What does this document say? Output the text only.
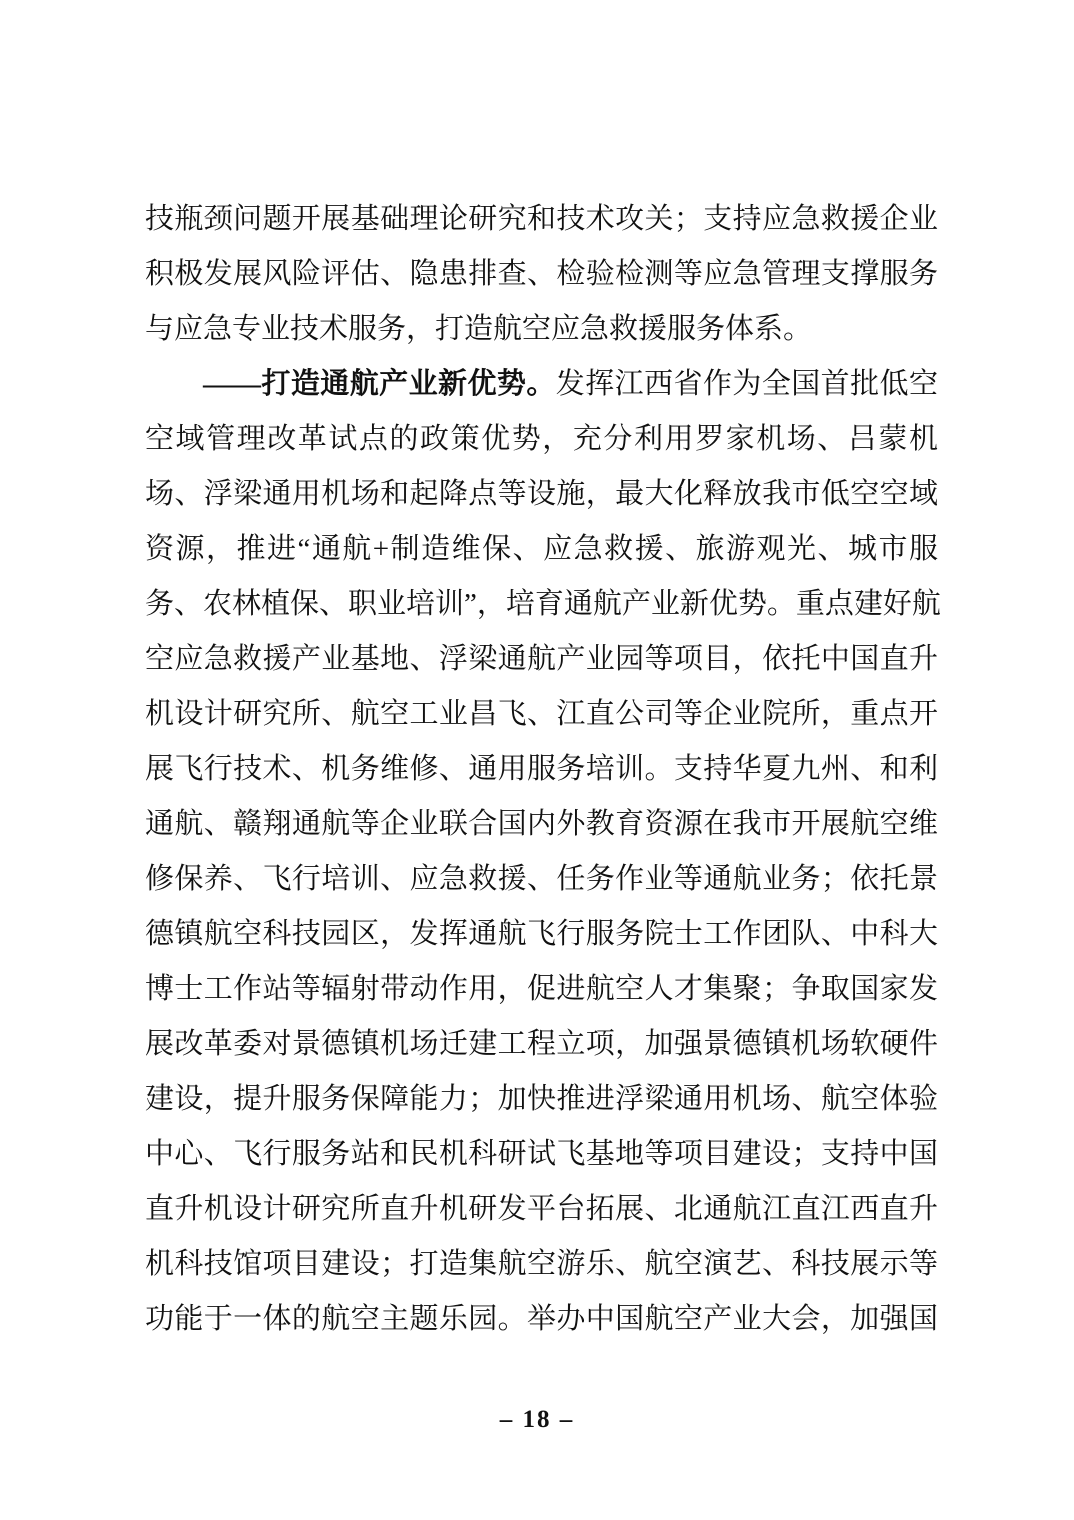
技瓶颈问题开展基础理论研究和技术攻关；支持应急救援企业
积极发展风险评估、隐患排查、检验检测等应急管理支撑服务
与应急专业技术服务，打造航空应急救援服务体系。
——打造通航产业新优势。发挥江西省作为全国首批低空
空域管理改革试点的政策优势，充分利用罗家机场、吕蒙机
场、浮梁通用机场和起降点等设施，最大化释放我市低空空域
资源，推进“通航+制造维保、应急救援、旅游观光、城市服
务、农林植保、职业培训”，培育通航产业新优势。重点建好航
空应急救援产业基地、浮梁通航产业园等项目，依托中国直升
机设计研究所、航空工业昌飞、江直公司等企业院所，重点开
展飞行技术、机务维修、通用服务培训。支持华夏九州、和利
通航、赣翔通航等企业联合国内外教育资源在我市开展航空维
修保养、飞行培训、应急救援、任务作业等通航业务；依托景
德镇航空科技园区，发挥通航飞行服务院士工作团队、中科大
博士工作站等辐射带动作用，促进航空人才集聚；争取国家发
展改革委对景德镇机场迁建工程立项，加强景德镇机场软硬件
建设，提升服务保障能力；加快推进浮梁通用机场、航空体验
中心、飞行服务站和民机科研试飞基地等项目建设；支持中国
直升机设计研究所直升机研发平台拓展、北通航江直江西直升
机科技馆项目建设；打造集航空游乐、航空演艺、科技展示等
功能于一体的航空主题乐园。举办中国航空产业大会，加强国
– 18 –
